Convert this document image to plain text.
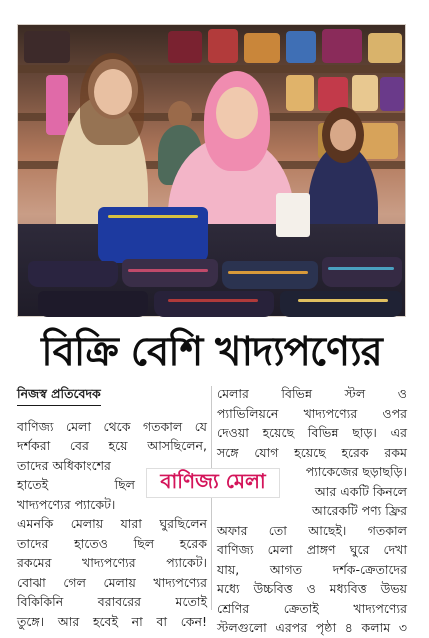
বিক্রি বেশি খাদ্যপণ্যের
নিজস্ব প্রতিবেদক
বাণিজ্য মেলা থেকে গতকাল যে
দর্শকরা বের হয়ে আসছিলেন,
তাদের অধিকাংশের
হাতেই ছিল
খাদ্যপণ্যের প্যাকেট।
এমনকি মেলায় যারা ঘুরছিলেন
তাদের হাতেও ছিল হরেক
রকমের খাদ্যপণ্যের প্যাকেট।
বোঝা গেল মেলায় খাদ্যপণ্যের
বিকিকিনি বরাবরের মতোই
তুঙ্গে। আর হবেই না বা কেন!
মেলার বিভিন্ন স্টল ও
প্যাভিলিয়নে খাদ্যপণ্যের ওপর
দেওয়া হয়েছে বিভিন্ন ছাড়। এর
সঙ্গে যোগ হয়েছে হরেক রকম
প্যাকেজের ছড়াছড়ি।
আর একটি কিনলে
আরেকটি পণ্য ফ্রির
অফার তো আছেই। গতকাল
বাণিজ্য মেলা প্রাঙ্গণ ঘুরে দেখা
যায়, আগত দর্শক-ক্রেতাদের
মধ্যে উচ্চবিত্ত ও মধ্যবিত্ত উভয়
শ্রেণির ক্রেতাই খাদ্যপণ্যের
স্টলগুলো এরপর পৃষ্ঠা ৪ কলাম ৩
বাণিজ্য মেলা
